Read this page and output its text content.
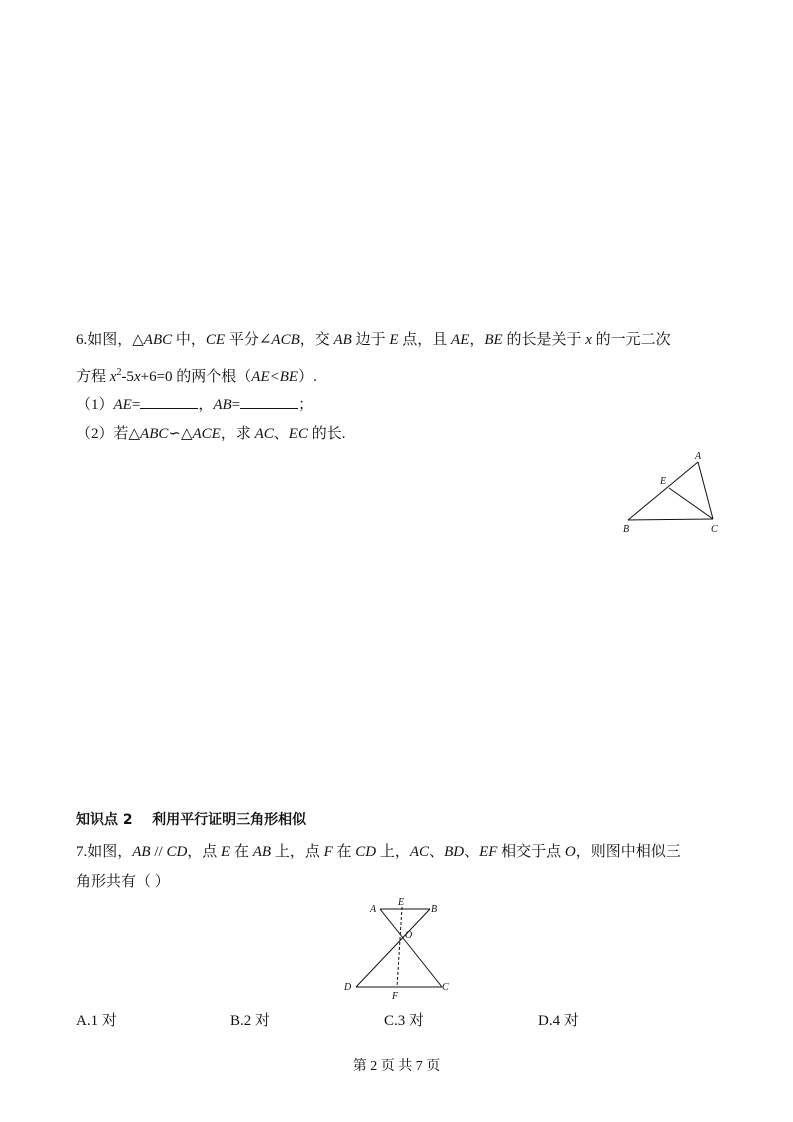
6.如图，△ABC 中，CE 平分∠ACB，交 AB 边于 E 点，且 AE，BE 的长是关于 x 的一元二次
方程 $x^2-5x+6=0$ 的两个根（AE<BE）.
（1）AE=	，AB=	；
（2）若△ABC∽△ACE，求 AC、EC 的长.
A
E
B	C
知识点 2 利用平行证明三角形相似
7.如图，AB // CD，点 E 在 AB 上，点 F 在 CD 上，AC、BD、EF 相交于点 O，则图中相似三
角形共有（ ）
A
E
B
O
D
F
C
A.1 对	B.2 对	C.3 对	D.4 对
第 2 页 共 7 页
